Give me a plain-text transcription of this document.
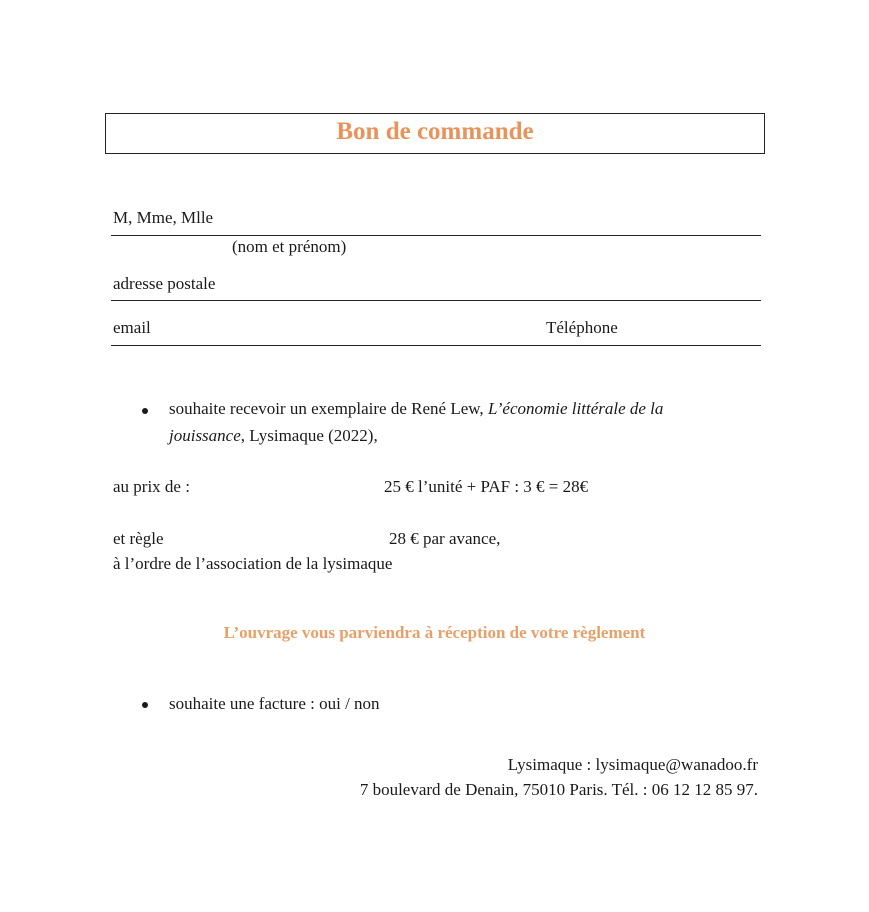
Bon de commande
M, Mme, Mlle
(nom et prénom)
adresse postale
email	Téléphone
souhaite recevoir un exemplaire de René Lew, L’économie littérale de la
jouissance, Lysimaque (2022),
au prix de :	25 € l’unité + PAF : 3 € = 28€
et règle	28 € par avance,
à l’ordre de l’association de la lysimaque
L’ouvrage vous parviendra à réception de votre règlement
souhaite une facture : oui / non
Lysimaque : lysimaque@wanadoo.fr
7 boulevard de Denain, 75010 Paris. Tél. : 06 12 12 85 97.
